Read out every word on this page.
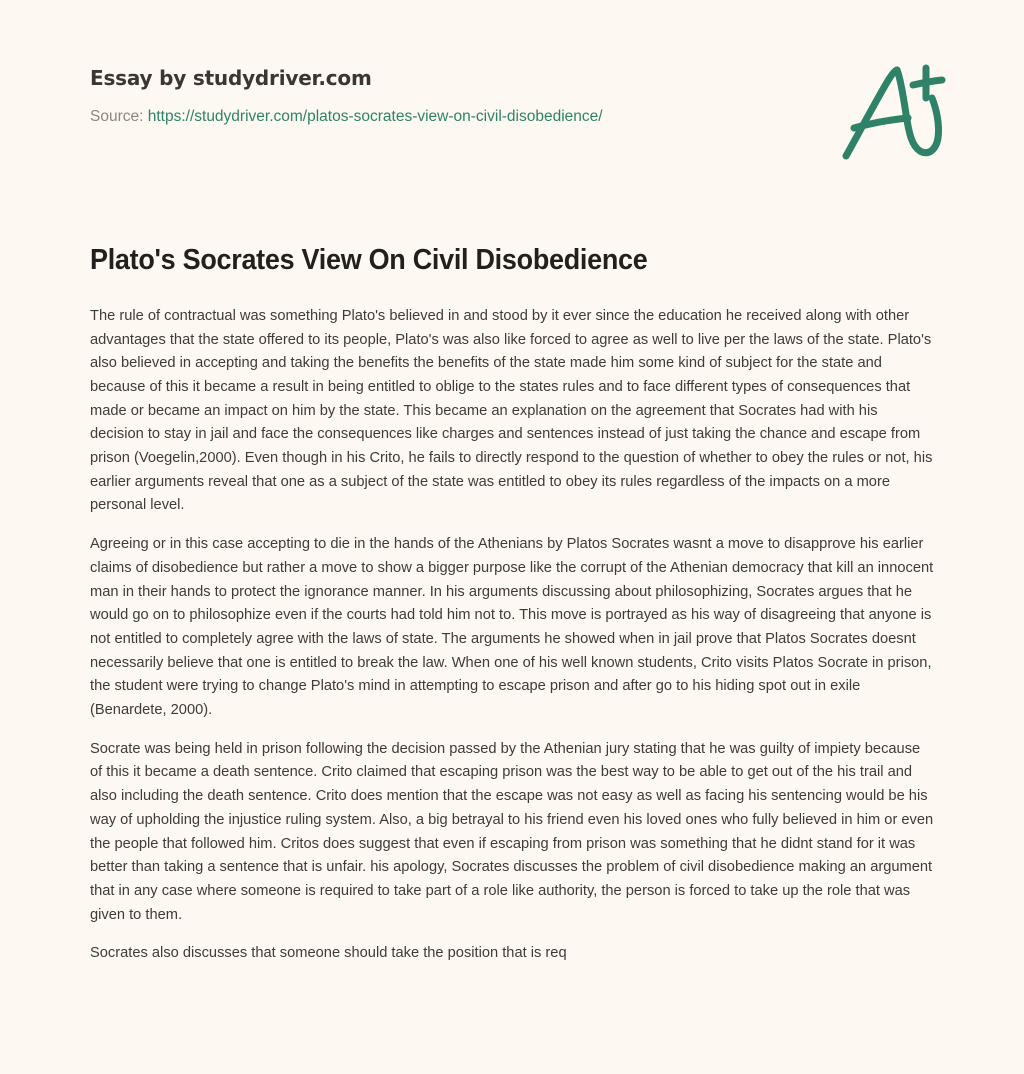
Essay by studydriver.com
Source: https://studydriver.com/platos-socrates-view-on-civil-disobedience/
Plato's Socrates View On Civil Disobedience

The rule of contractual was something Plato's believed in and stood by it ever since the education he received along with other advantages that the state offered to its people, Plato's was also like forced to agree as well to live per the laws of the state. Plato's also believed in accepting and taking the benefits the benefits of the state made him some kind of subject for the state and because of this it became a result in being entitled to oblige to the states rules and to face different types of consequences that made or became an impact on him by the state. This became an explanation on the agreement that Socrates had with his decision to stay in jail and face the consequences like charges and sentences instead of just taking the chance and escape from prison (Voegelin,2000). Even though in his Crito, he fails to directly respond to the question of whether to obey the rules or not, his earlier arguments reveal that one as a subject of the state was entitled to obey its rules regardless of the impacts on a more personal level.

Agreeing or in this case accepting to die in the hands of the Athenians by Platos Socrates wasnt a move to disapprove his earlier claims of disobedience but rather a move to show a bigger purpose like the corrupt of the Athenian democracy that kill an innocent man in their hands to protect the ignorance manner. In his arguments discussing about philosophizing, Socrates argues that he would go on to philosophize even if the courts had told him not to. This move is portrayed as his way of disagreeing that anyone is not entitled to completely agree with the laws of state. The arguments he showed when in jail prove that Platos Socrates doesnt necessarily believe that one is entitled to break the law. When one of his well known students, Crito visits Platos Socrate in prison, the student were trying to change Plato's mind in attempting to escape prison and after go to his hiding spot out in exile (Benardete, 2000).

Socrate was being held in prison following the decision passed by the Athenian jury stating that he was guilty of impiety because of this it became a death sentence. Crito claimed that escaping prison was the best way to be able to get out of the his trail and also including the death sentence. Crito does mention that the escape was not easy as well as facing his sentencing would be his way of upholding the injustice ruling system. Also, a big betrayal to his friend even his loved ones who fully believed in him or even the people that followed him. Critos does suggest that even if escaping from prison was something that he didnt stand for it was better than taking a sentence that is unfair. his apology, Socrates discusses the problem of civil disobedience making an argument that in any case where someone is required to take part of a role like authority, the person is forced to take up the role that was given to them.

Socrates also discusses that someone should take the position that is req
